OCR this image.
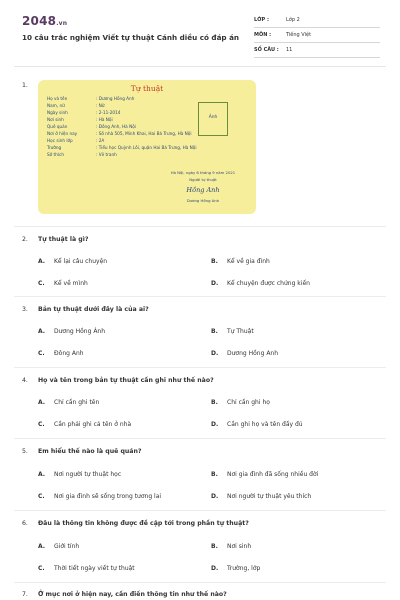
2048.vn
10 câu trắc nghiệm Viết tự thuật Cánh diều có đáp án
LỚP :	Lớp 2
MÔN :	Tiếng Việt
SỐ CÂU : 11
1.	Tự thuật
Họ và tên	: Dương Hồng Anh
Nam, nữ	: Nữ
Ngày sinh	: 2-11-2014
Nơi sinh	: Hà Nội
Quê quán	: Đông Anh, Hà Nội
Nơi ở hiện nay	: Số nhà 505, Minh Khai, Hai Bà Trưng, Hà Nội
Học sinh lớp	: 2A
Trường	: Tiểu học Quỳnh Lôi, quận Hai Bà Trưng, Hà Nội
Sở thích	: Vẽ tranh
Ảnh
Hà Nội, ngày 8 tháng 9 năm 2021
Người tự thuật
Hồng Anh
Dương Hồng Anh
2. Tự thuật là gì?
A. Kể lại câu chuyện	B. Kể về gia đình
C. Kể về mình	D. Kể chuyện được chứng kiến
3. Bản tự thuật dưới đây là của ai?
A. Dương Hồng Ánh	B. Tự Thuật
C. Đông Anh	D. Dương Hồng Anh
4. Họ và tên trong bản tự thuật cần ghi như thế nào?
A. Chỉ cần ghi tên	B. Chỉ cần ghi họ
C. Cần phải ghi cả tên ở nhà	D. Cần ghi họ và tên đầy đủ
5. Em hiểu thế nào là quê quán?
A. Nơi người tự thuật học	B. Nơi gia đình đã sống nhiều đời
C. Nơi gia đình sẽ sống trong tương lai	D. Nơi người tự thuật yêu thích
6. Đâu là thông tin không được đề cập tới trong phần tự thuật?
A. Giới tính	B. Nơi sinh
C. Thời tiết ngày viết tự thuật	D. Trường, lớp
7. Ở mục nơi ở hiện nay, cần điền thông tin như thế nào?
